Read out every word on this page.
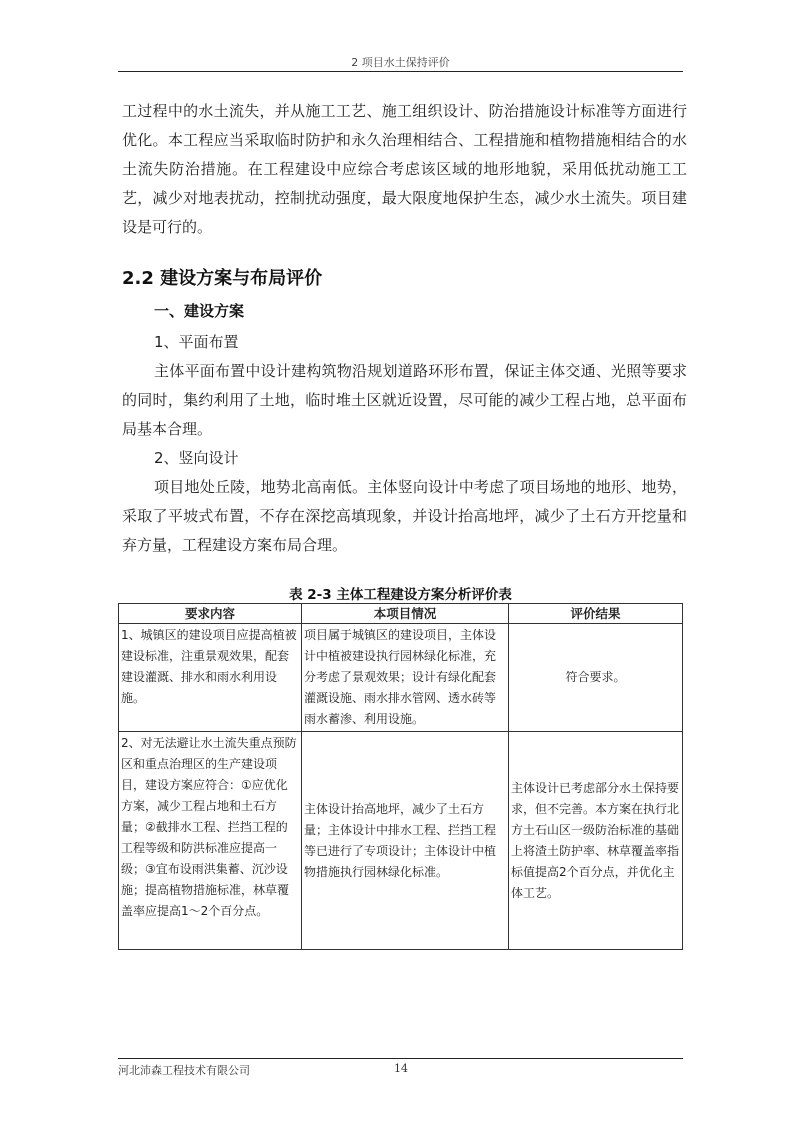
2 项目水土保持评价

工过程中的水土流失，并从施工工艺、施工组织设计、防治措施设计标准等方面进行优化。本工程应当采取临时防护和永久治理相结合、工程措施和植物措施相结合的水土流失防治措施。在工程建设中应综合考虑该区域的地形地貌，采用低扰动施工工艺，减少对地表扰动，控制扰动强度，最大限度地保护生态，减少水土流失。项目建设是可行的。

2.2 建设方案与布局评价
一、建设方案

1、平面布置

主体平面布置中设计建构筑物沿规划道路环形布置，保证主体交通、光照等要求的同时，集约利用了土地，临时堆土区就近设置，尽可能的减少工程占地，总平面布局基本合理。

2、竖向设计

项目地处丘陵，地势北高南低。主体竖向设计中考虑了项目场地的地形、地势，采取了平坡式布置，不存在深挖高填现象，并设计抬高地坪，减少了土石方开挖量和弃方量，工程建设方案布局合理。

表 2-3 主体工程建设方案分析评价表
要求内容	本项目情况	评价结果
1、城镇区的建设项目应提高植被建设标准，注重景观效果，配套建设灌溉、排水和雨水利用设施。	项目属于城镇区的建设项目，主体设计中植被建设执行园林绿化标准，充分考虑了景观效果；设计有绿化配套灌溉设施、雨水排水管网、透水砖等雨水蓄渗、利用设施。	符合要求。
2、对无法避让水土流失重点预防区和重点治理区的生产建设项目，建设方案应符合：①应优化方案，减少工程占地和土石方量；②截排水工程、拦挡工程的工程等级和防洪标准应提高一级；③宜布设雨洪集蓄、沉沙设施；提高植物措施标准，林草覆盖率应提高1～2个百分点。	主体设计抬高地坪，减少了土石方量；主体设计中排水工程、拦挡工程等已进行了专项设计；主体设计中植物措施执行园林绿化标准。	主体设计已考虑部分水土保持要求，但不完善。本方案在执行北方土石山区一级防治标准的基础上将渣土防护率、林草覆盖率指标值提高2个百分点，并优化主体工艺。
河北沛森工程技术有限公司	14
